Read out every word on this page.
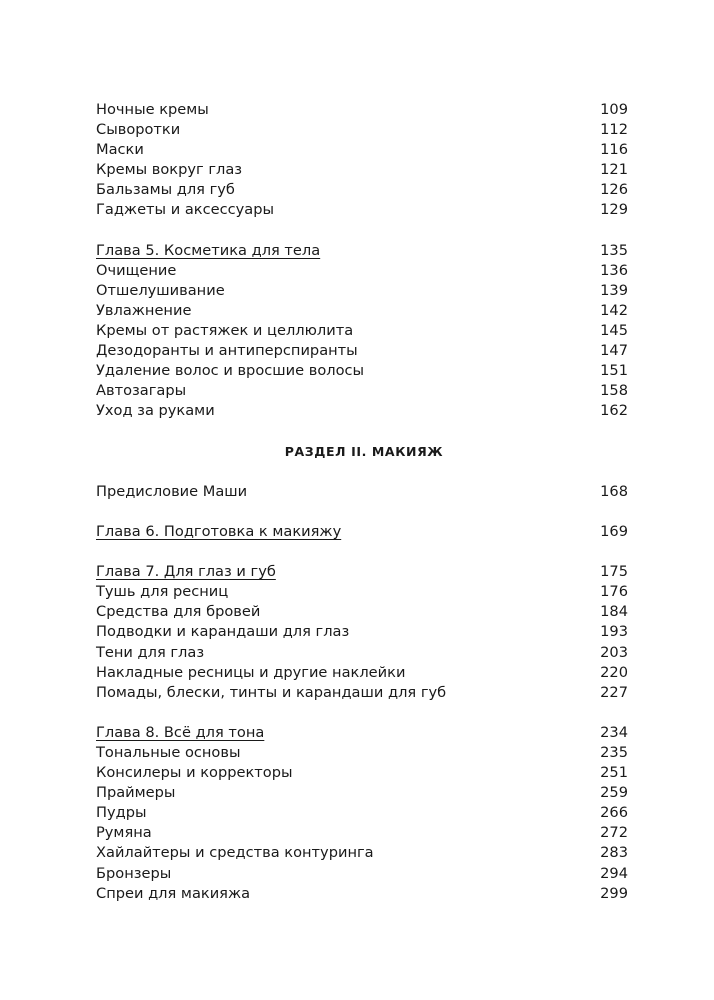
Ночные кремы	109
Сыворотки	112
Маски	116
Кремы вокруг глаз	121
Бальзамы для губ	126
Гаджеты и аксессуары	129
Глава 5. Косметика для тела	135
Очищение	136
Отшелушивание	139
Увлажнение	142
Кремы от растяжек и целлюлита	145
Дезодоранты и антиперспиранты	147
Удаление волос и вросшие волосы	151
Автозагары	158
Уход за руками	162
РАЗДЕЛ II. МАКИЯЖ
Предисловие Маши	168
Глава 6. Подготовка к макияжу	169
Глава 7. Для глаз и губ	175
Тушь для ресниц	176
Средства для бровей	184
Подводки и карандаши для глаз	193
Тени для глаз	203
Накладные ресницы и другие наклейки	220
Помады, блески, тинты и карандаши для губ	227
Глава 8. Всё для тона	234
Тональные основы	235
Консилеры и корректоры	251
Праймеры	259
Пудры	266
Румяна	272
Хайлайтеры и средства контуринга	283
Бронзеры	294
Спреи для макияжа	299
